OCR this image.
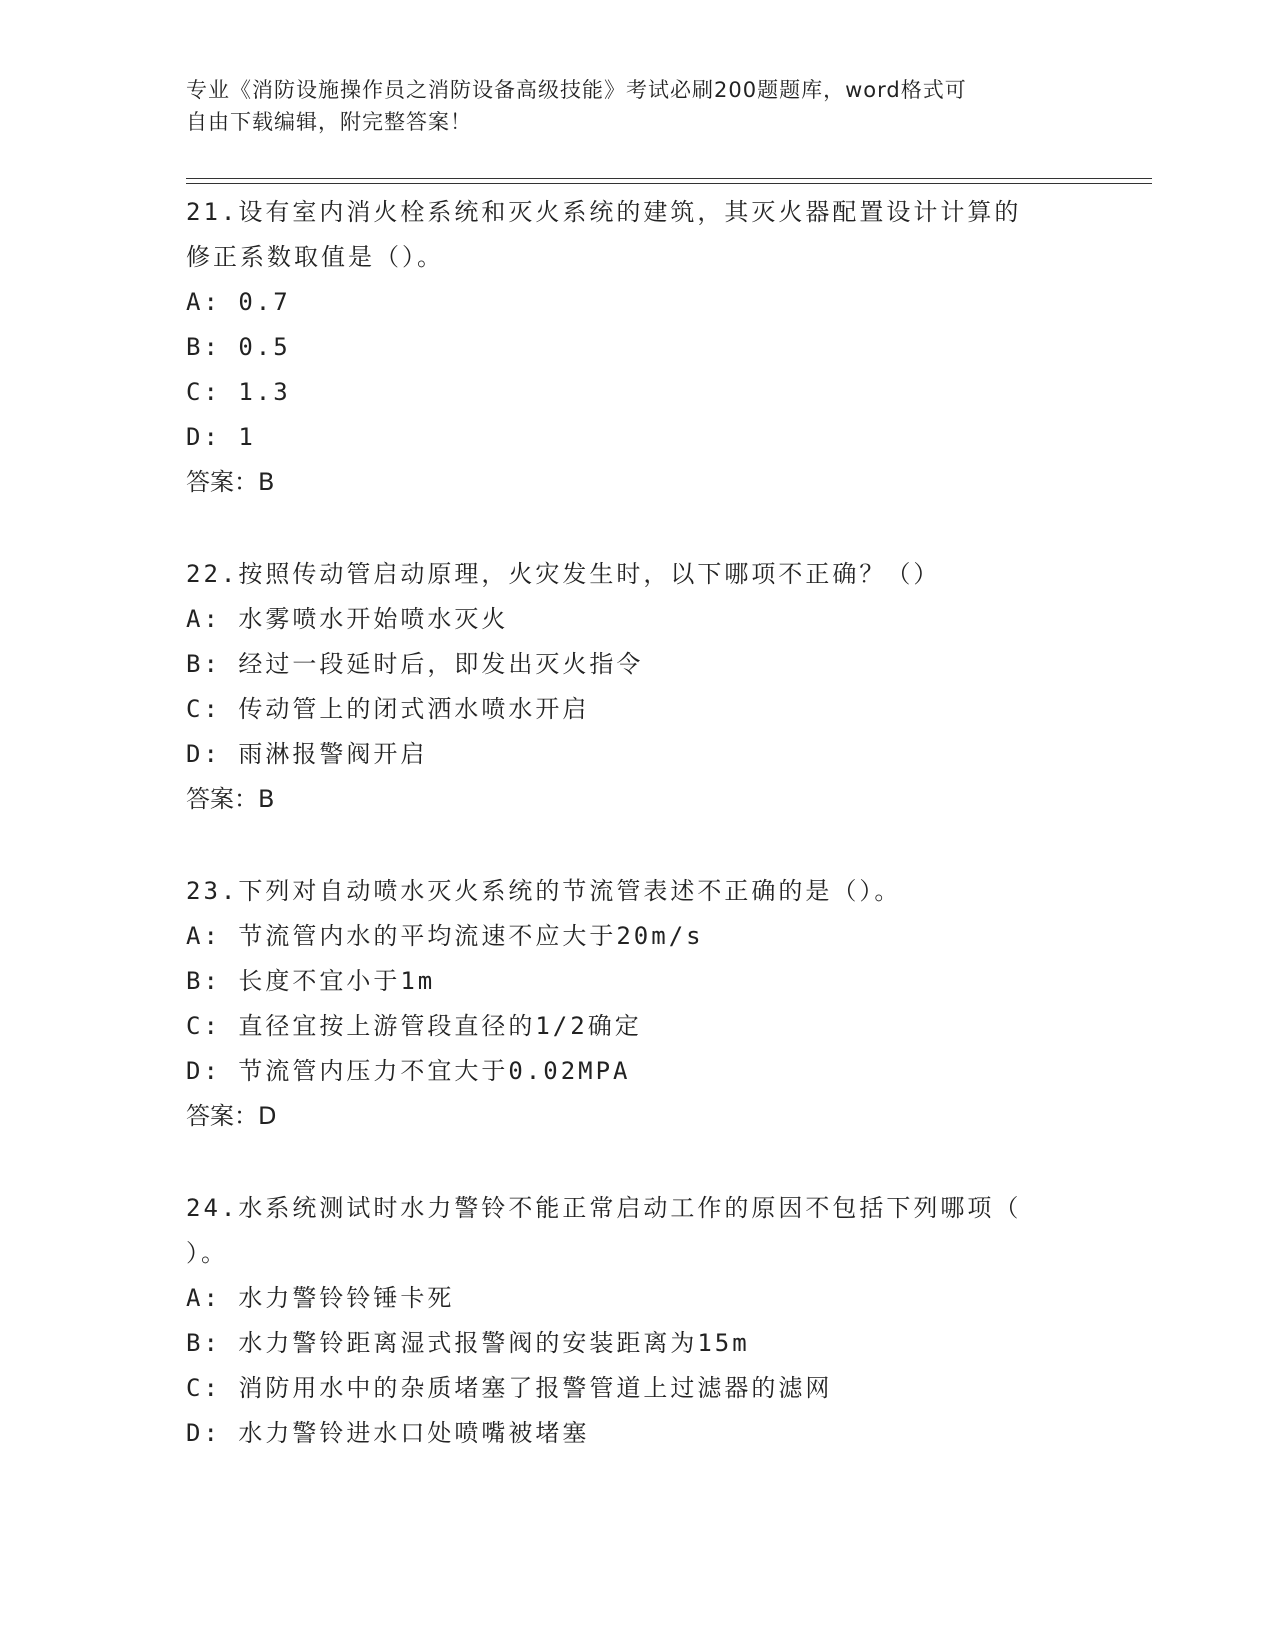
专业《消防设施操作员之消防设备高级技能》考试必刷200题题库，word格式可
自由下载编辑，附完整答案！
21.设有室内消火栓系统和灭火系统的建筑，其灭火器配置设计计算的
修正系数取值是（）。
A: 0.7
B: 0.5
C: 1.3
D: 1
答案：B
22.按照传动管启动原理，火灾发生时，以下哪项不正确？（）
A: 水雾喷水开始喷水灭火
B: 经过一段延时后，即发出灭火指令
C: 传动管上的闭式洒水喷水开启
D: 雨淋报警阀开启
答案：B
23.下列对自动喷水灭火系统的节流管表述不正确的是（）。
A: 节流管内水的平均流速不应大于20m/s
B: 长度不宜小于1m
C: 直径宜按上游管段直径的1/2确定
D: 节流管内压力不宜大于0.02MPA
答案：D
24.水系统测试时水力警铃不能正常启动工作的原因不包括下列哪项（
）。
A: 水力警铃铃锤卡死
B: 水力警铃距离湿式报警阀的安装距离为15m
C: 消防用水中的杂质堵塞了报警管道上过滤器的滤网
D: 水力警铃进水口处喷嘴被堵塞
